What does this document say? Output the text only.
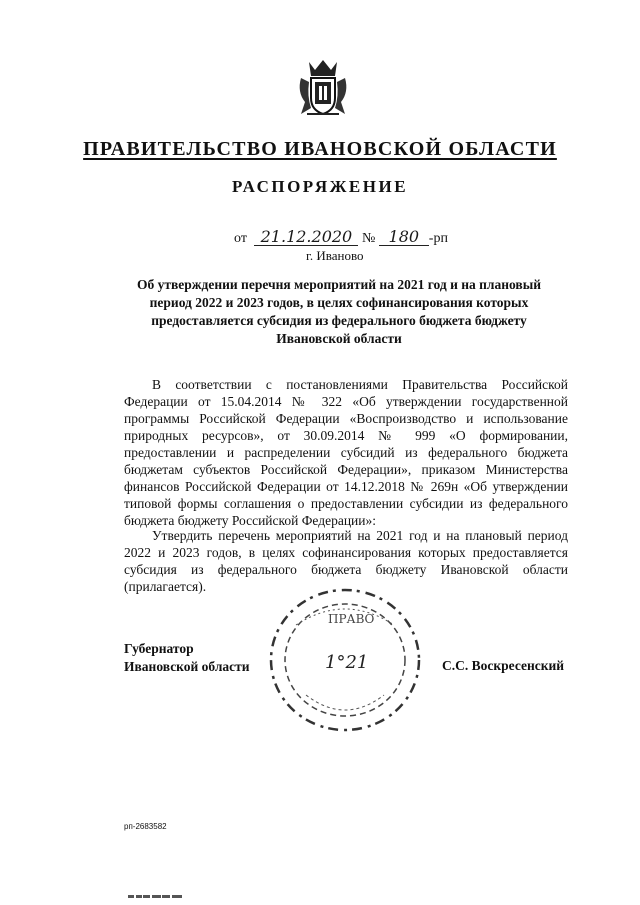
ПРАВИТЕЛЬСТВО ИВАНОВСКОЙ ОБЛАСТИ
РАСПОРЯЖЕНИЕ
от 21.12.2020 № 180 -рп
г. Иваново
Об утверждении перечня мероприятий на 2021 год и на плановый период 2022 и 2023 годов, в целях софинансирования которых предоставляется субсидия из федерального бюджета бюджету Ивановской области
В соответствии с постановлениями Правительства Российской Федерации от 15.04.2014 № 322 «Об утверждении государственной программы Российской Федерации «Воспроизводство и использование природных ресурсов», от 30.09.2014 № 999 «О формировании, предоставлении и распределении субсидий из федерального бюджета бюджетам субъектов Российской Федерации», приказом Министерства финансов Российской Федерации от 14.12.2018 № 269н «Об утверждении типовой формы соглашения о предоставлении субсидии из федерального бюджета бюджету Российской Федерации»:
Утвердить перечень мероприятий на 2021 год и на плановый период 2022 и 2023 годов, в целях софинансирования которых предоставляется субсидия из федерального бюджета бюджету Ивановской области (прилагается).
Губернатор
Ивановской области
ПРАВО
1°21	С.С. Воскресенский
рп-2683582
